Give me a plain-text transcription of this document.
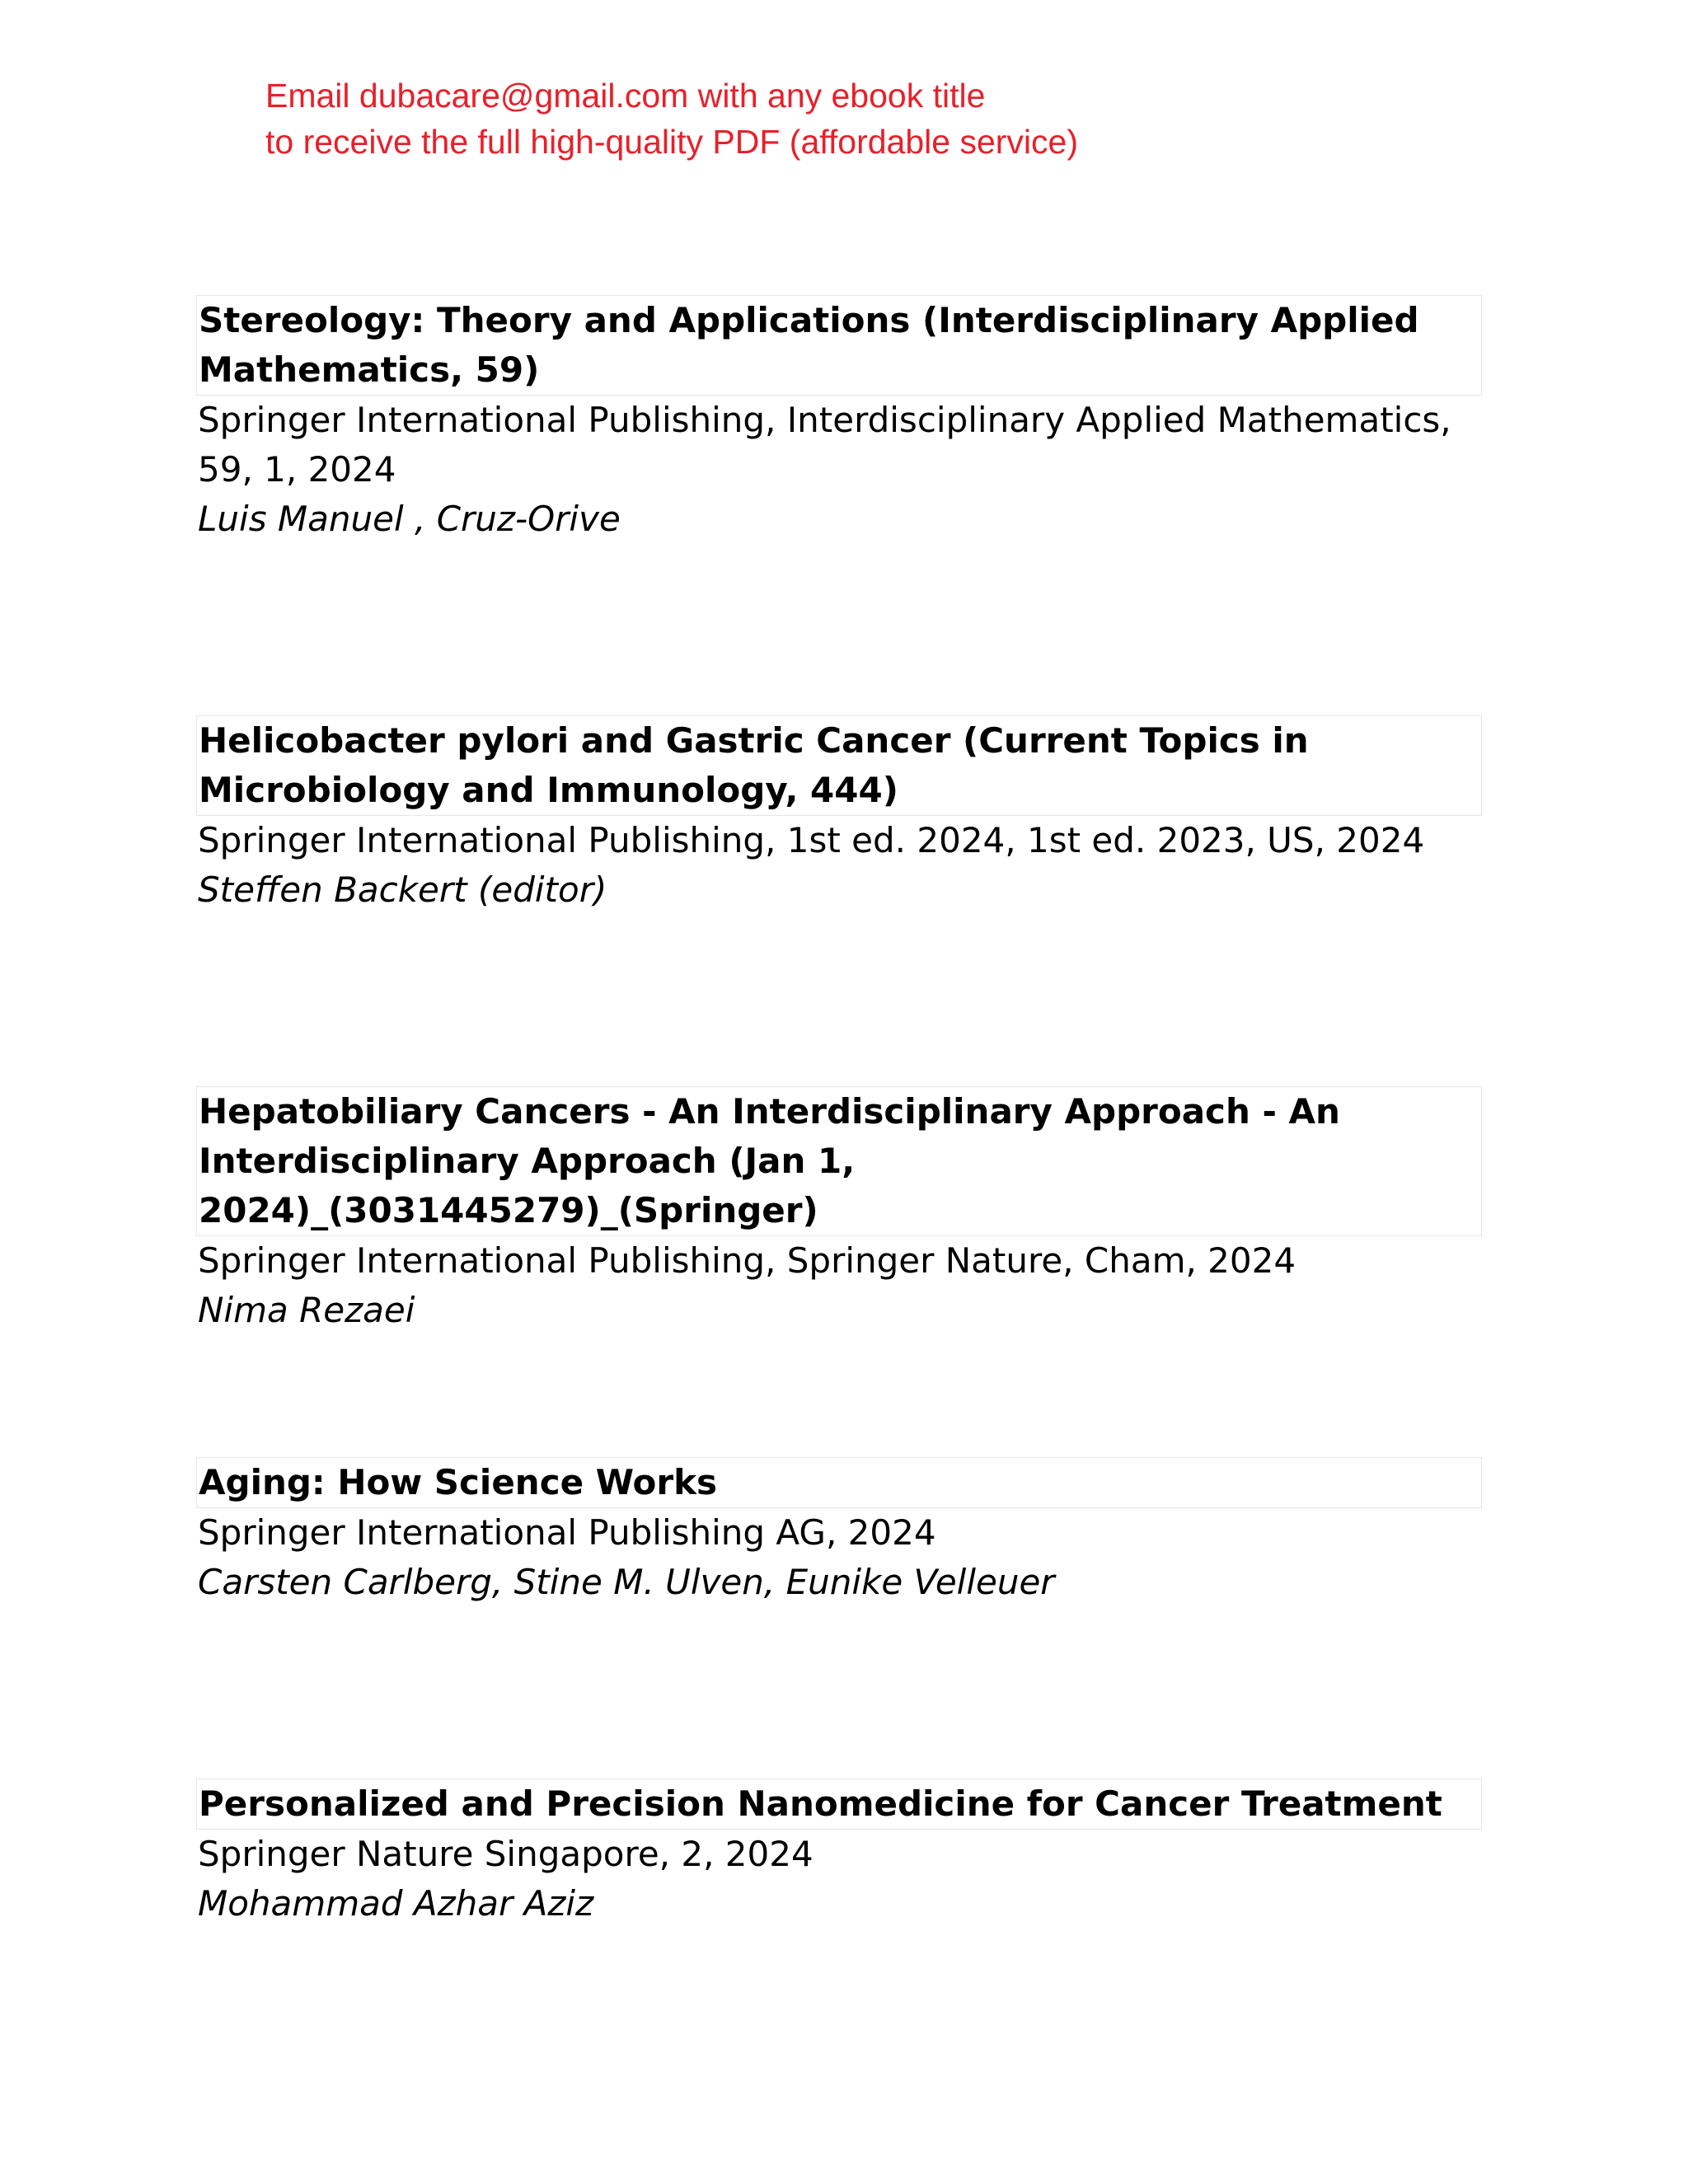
Email dubacare@gmail.com with any ebook title
to receive the full high-quality PDF (affordable service)
Stereology: Theory and Applications (Interdisciplinary Applied Mathematics, 59)
Springer International Publishing, Interdisciplinary Applied Mathematics, 59, 1, 2024
Luis Manuel , Cruz-Orive
Helicobacter pylori and Gastric Cancer (Current Topics in Microbiology and Immunology, 444)
Springer International Publishing, 1st ed. 2024, 1st ed. 2023, US, 2024
Steffen Backert (editor)
Hepatobiliary Cancers - An Interdisciplinary Approach - An Interdisciplinary Approach (Jan 1, 2024)_(3031445279)_(Springer)
Springer International Publishing, Springer Nature, Cham, 2024
Nima Rezaei
Aging: How Science Works
Springer International Publishing AG, 2024
Carsten Carlberg, Stine M. Ulven, Eunike Velleuer
Personalized and Precision Nanomedicine for Cancer Treatment
Springer Nature Singapore, 2, 2024
Mohammad Azhar Aziz
